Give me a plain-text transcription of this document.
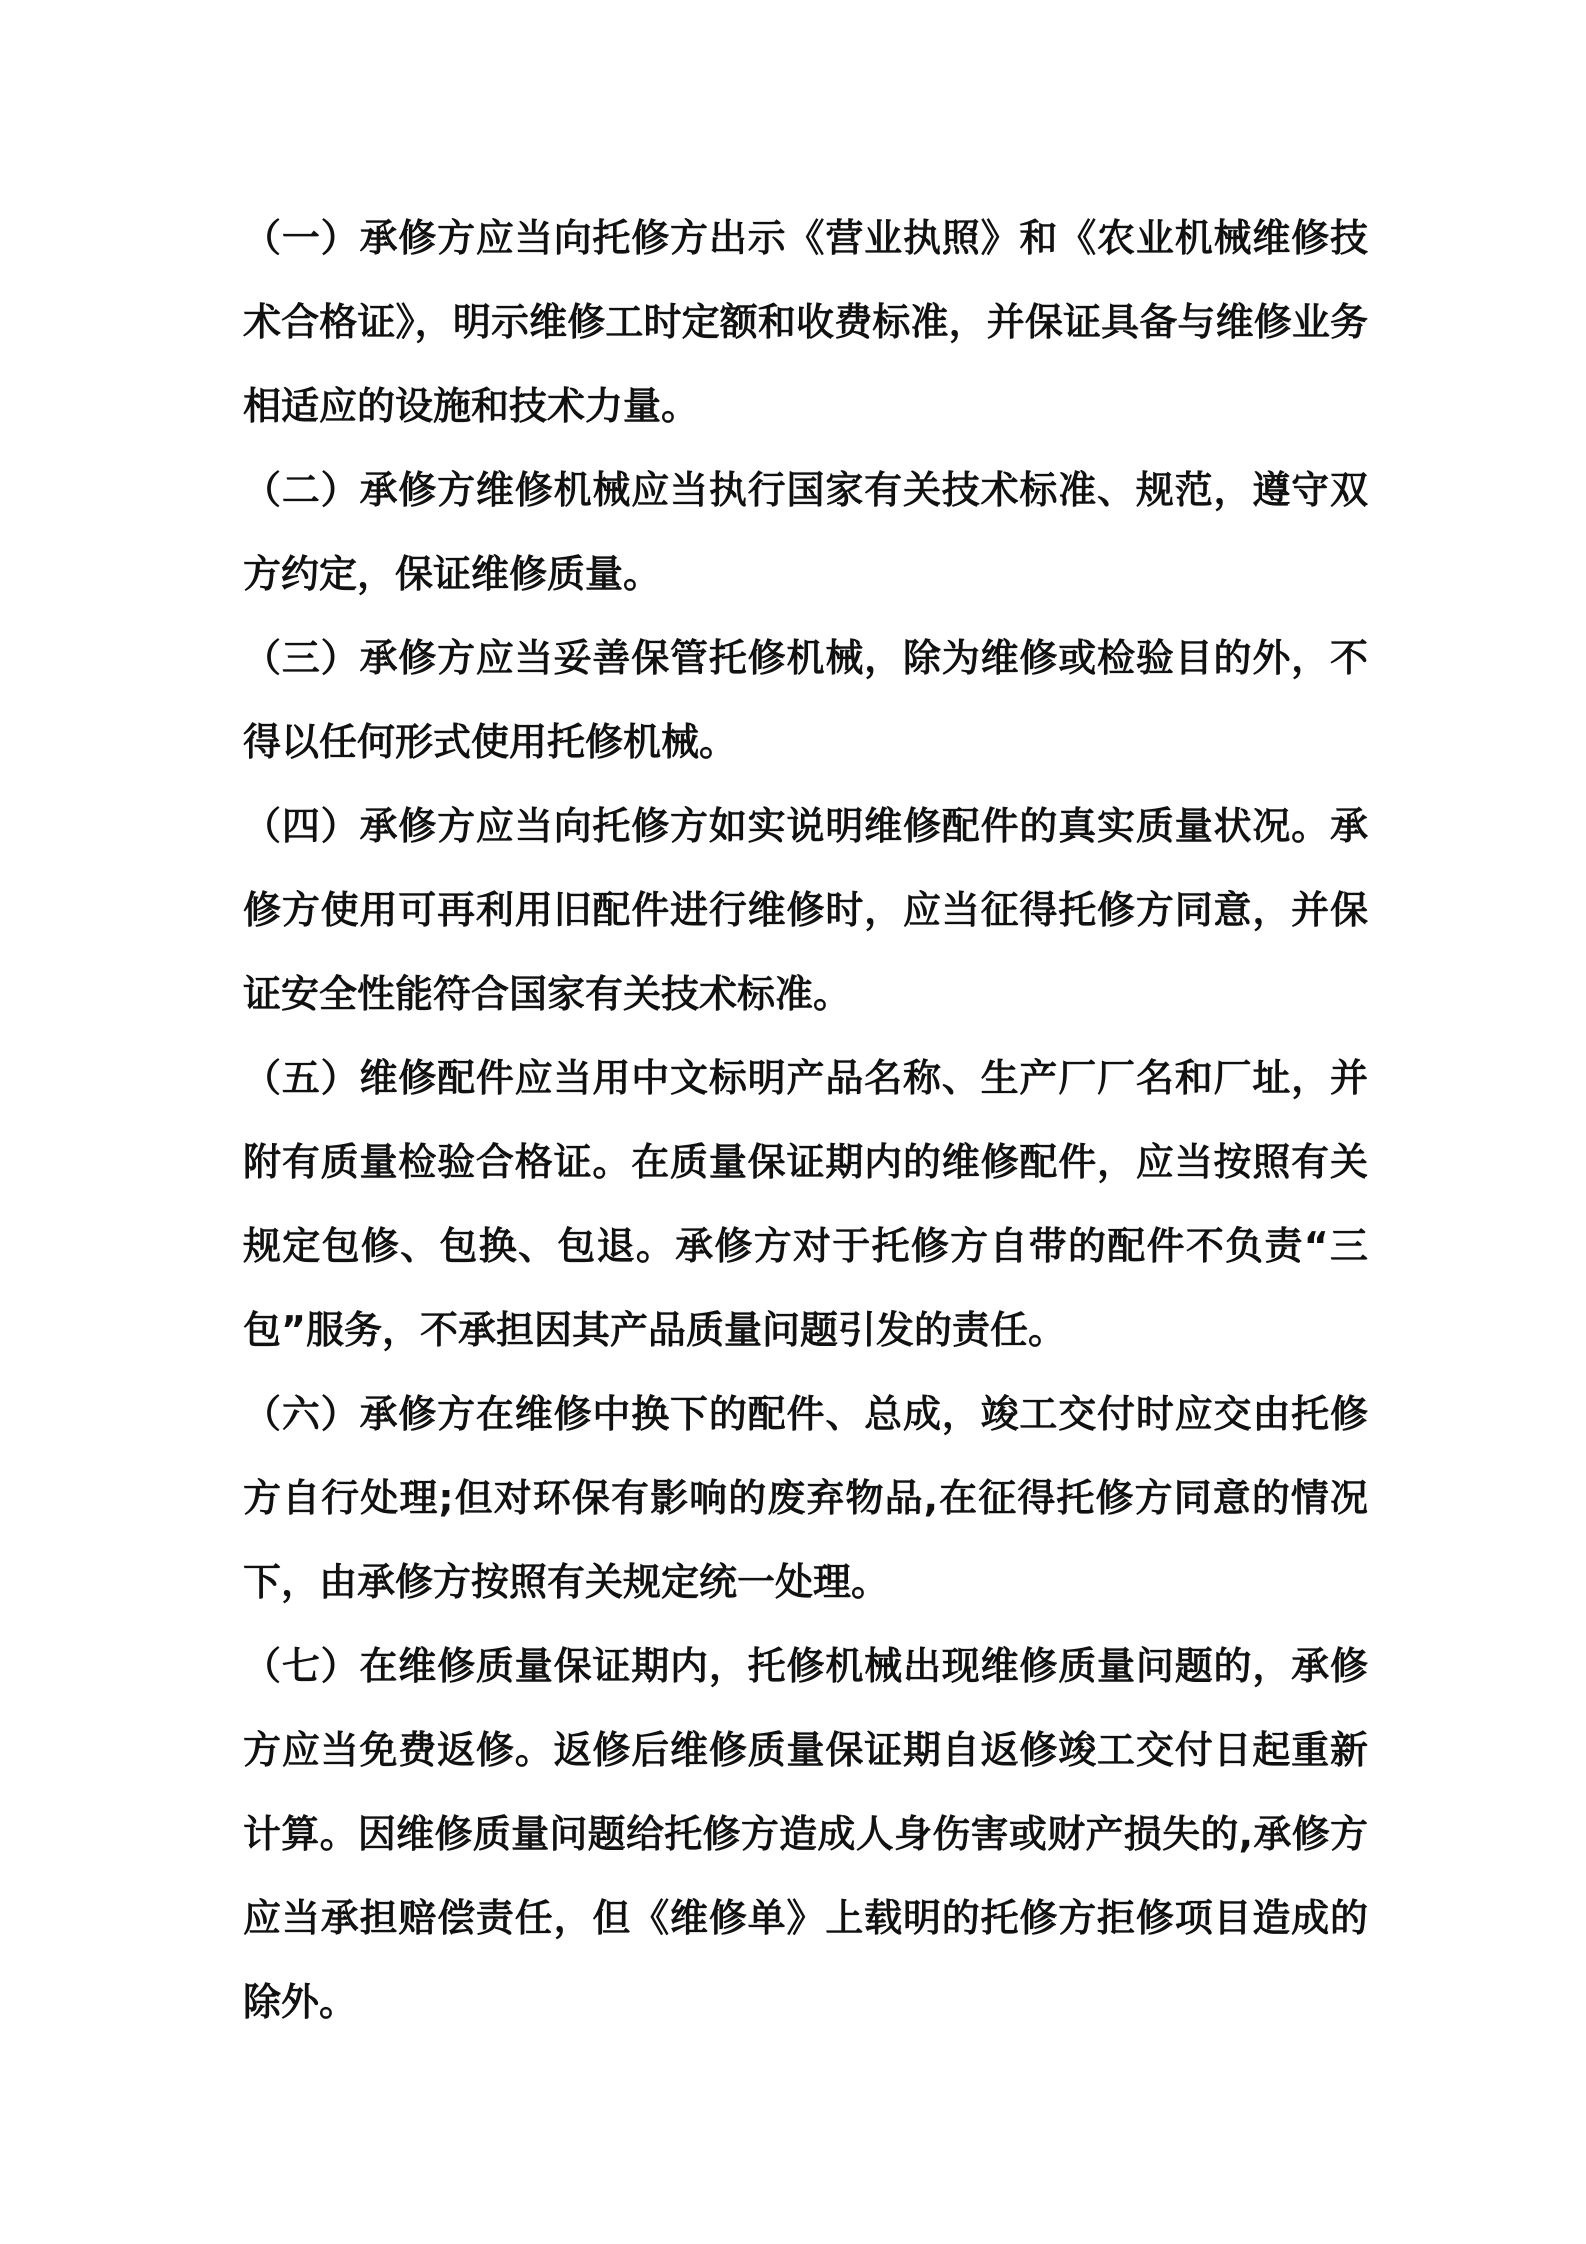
（一）承修方应当向托修方出示《营业执照》和《农业机械维修技术合格证》，明示维修工时定额和收费标准，并保证具备与维修业务相适应的设施和技术力量。

（二）承修方维修机械应当执行国家有关技术标准、规范，遵守双方约定，保证维修质量。

（三）承修方应当妥善保管托修机械，除为维修或检验目的外，不得以任何形式使用托修机械。

（四）承修方应当向托修方如实说明维修配件的真实质量状况。承修方使用可再利用旧配件进行维修时，应当征得托修方同意，并保证安全性能符合国家有关技术标准。

（五）维修配件应当用中文标明产品名称、生产厂厂名和厂址，并附有质量检验合格证。在质量保证期内的维修配件，应当按照有关规定包修、包换、包退。承修方对于托修方自带的配件不负责“三包”服务，不承担因其产品质量问题引发的责任。

（六）承修方在维修中换下的配件、总成，竣工交付时应交由托修方自行处理;但对环保有影响的废弃物品,在征得托修方同意的情况下，由承修方按照有关规定统一处理。

（七）在维修质量保证期内，托修机械出现维修质量问题的，承修方应当免费返修。返修后维修质量保证期自返修竣工交付日起重新计算。因维修质量问题给托修方造成人身伤害或财产损失的,承修方应当承担赔偿责任，但《维修单》上载明的托修方拒修项目造成的除外。
